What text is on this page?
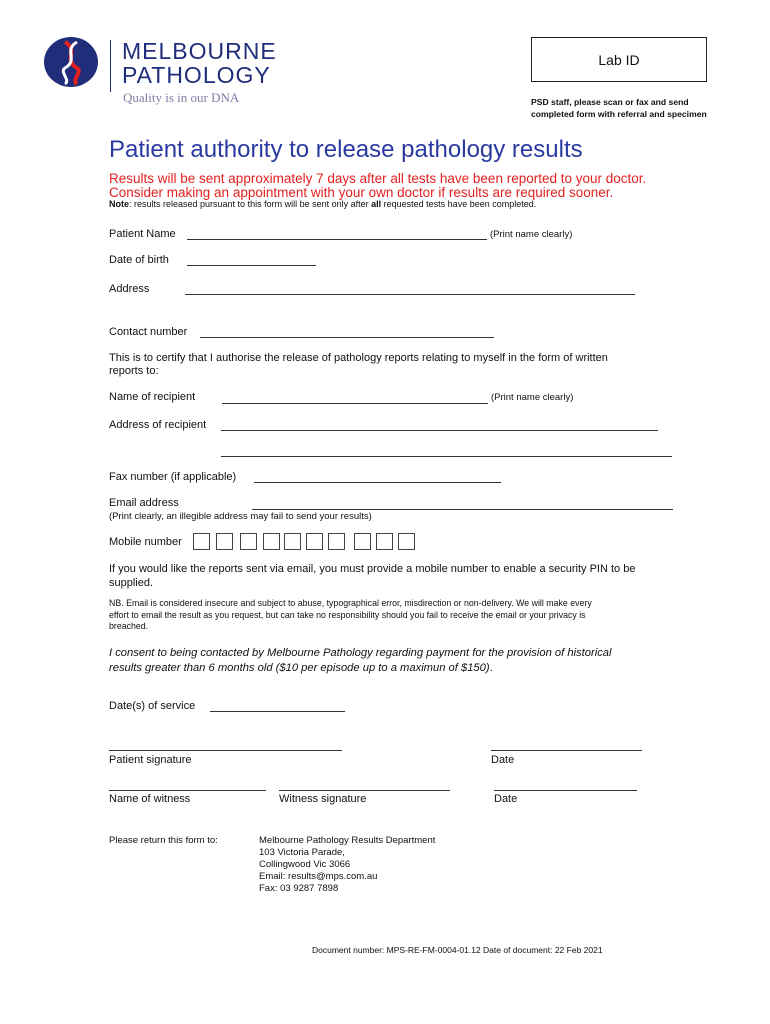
MELBOURNE
PATHOLOGY
Quality is in our DNA
Lab ID
PSD staff, please scan or fax and send
completed form with referral and specimen
Patient authority to release pathology results
Results will be sent approximately 7 days after all tests have been reported to your doctor.
Consider making an appointment with your own doctor if results are required sooner.
Note: results released pursuant to this form will be sent only after all requested tests have been completed.
Patient Name	(Print name clearly)
Date of birth
Address
Contact number
This is to certify that I authorise the release of pathology reports relating to myself in the form of written
reports to:
Name of recipient	(Print name clearly)
Address of recipient
Fax number (if applicable)
Email address
(Print clearly, an illegible address may fail to send your results)
Mobile number
If you would like the reports sent via email, you must provide a mobile number to enable a security PIN to be
supplied.
NB. Email is considered insecure and subject to abuse, typographical error, misdirection or non-delivery. We will make every
effort to email the result as you request, but can take no responsibility should you fail to receive the email or your privacy is
breached.
I consent to being contacted by Melbourne Pathology regarding payment for the provision of historical
results greater than 6 months old ($10 per episode up to a maximun of $150).
Date(s) of service
Patient signature	Date
Name of witness	Witness signature	Date
Please return this form to:	Melbourne Pathology Results Department
103 Victoria Parade,
Collingwood Vic 3066
Email: results@mps.com.au
Fax: 03 9287 7898
Document number: MPS-RE-FM-0004-01.12 Date of document: 22 Feb 2021
